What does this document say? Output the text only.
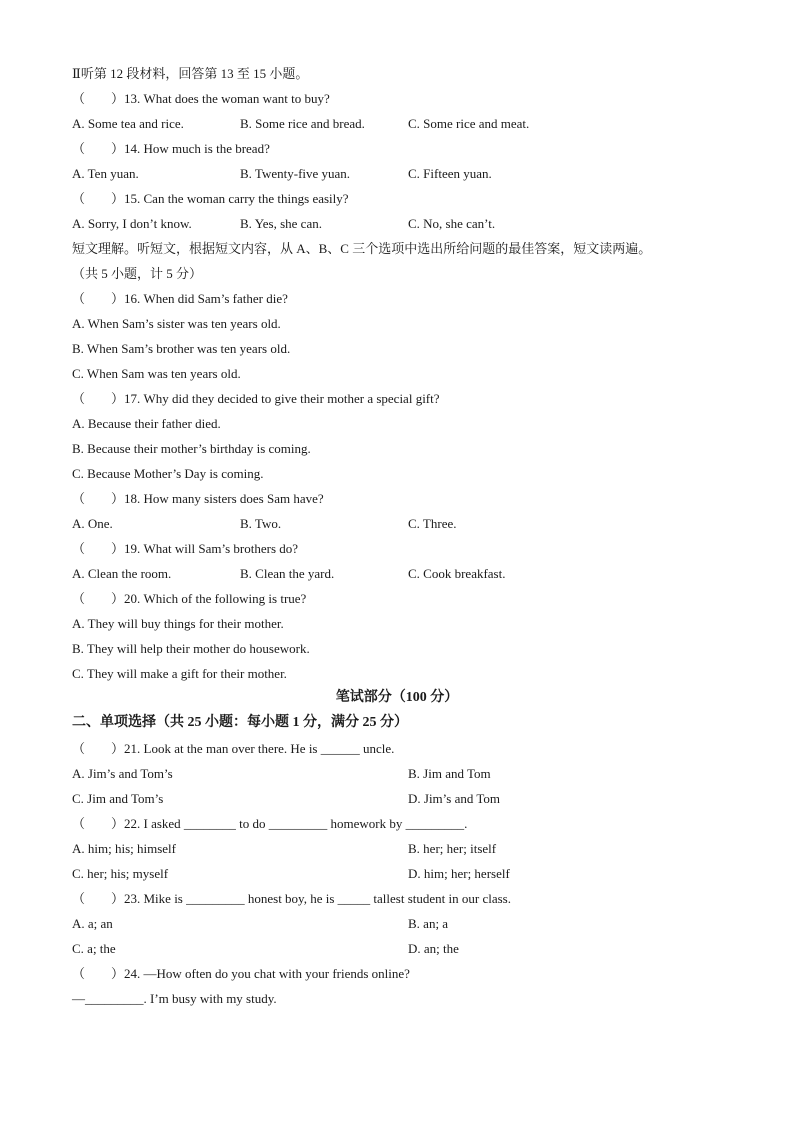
Ⅱ听第 12 段材料，回答第 13 至 15 小题。
（　　）13. What does the woman want to buy?
A. Some tea and rice.	B. Some rice and bread.	C. Some rice and meat.
（　　）14. How much is the bread?
A. Ten yuan.	B. Twenty-five yuan.	C. Fifteen yuan.
（　　）15. Can the woman carry the things easily?
A. Sorry, I don’t know.	B. Yes, she can.	C. No, she can’t.
短文理解。听短文，根据短文内容，从 A、B、C 三个选项中选出所给问题的最佳答案，短文读两遍。
（共 5 小题，计 5 分）
（　　）16. When did Sam’s father die?
A. When Sam’s sister was ten years old.
B. When Sam’s brother was ten years old.
C. When Sam was ten years old.
（　　）17. Why did they decided to give their mother a special gift?
A. Because their father died.
B. Because their mother’s birthday is coming.
C. Because Mother’s Day is coming.
（　　）18. How many sisters does Sam have?
A. One.	B. Two.	C. Three.
（　　）19. What will Sam’s brothers do?
A. Clean the room.	B. Clean the yard.	C. Cook breakfast.
（　　）20. Which of the following is true?
A. They will buy things for their mother.
B. They will help their mother do housework.
C. They will make a gift for their mother.
笔试部分（100 分）
二、单项选择（共 25 小题：每小题 1 分，满分 25 分）
（　　）21. Look at the man over there. He is ______ uncle.
A. Jim’s and Tom’s	B. Jim and Tom
C. Jim and Tom’s	D. Jim’s and Tom
（　　）22. I asked ________ to do _________ homework by _________.
A. him; his; himself	B. her; her; itself
C. her; his; myself	D. him; her; herself
（　　）23. Mike is _________ honest boy, he is _____ tallest student in our class.
A. a; an	B. an; a
C. a; the	D. an; the
（　　）24. —How often do you chat with your friends online?
—_________. I’m busy with my study.
